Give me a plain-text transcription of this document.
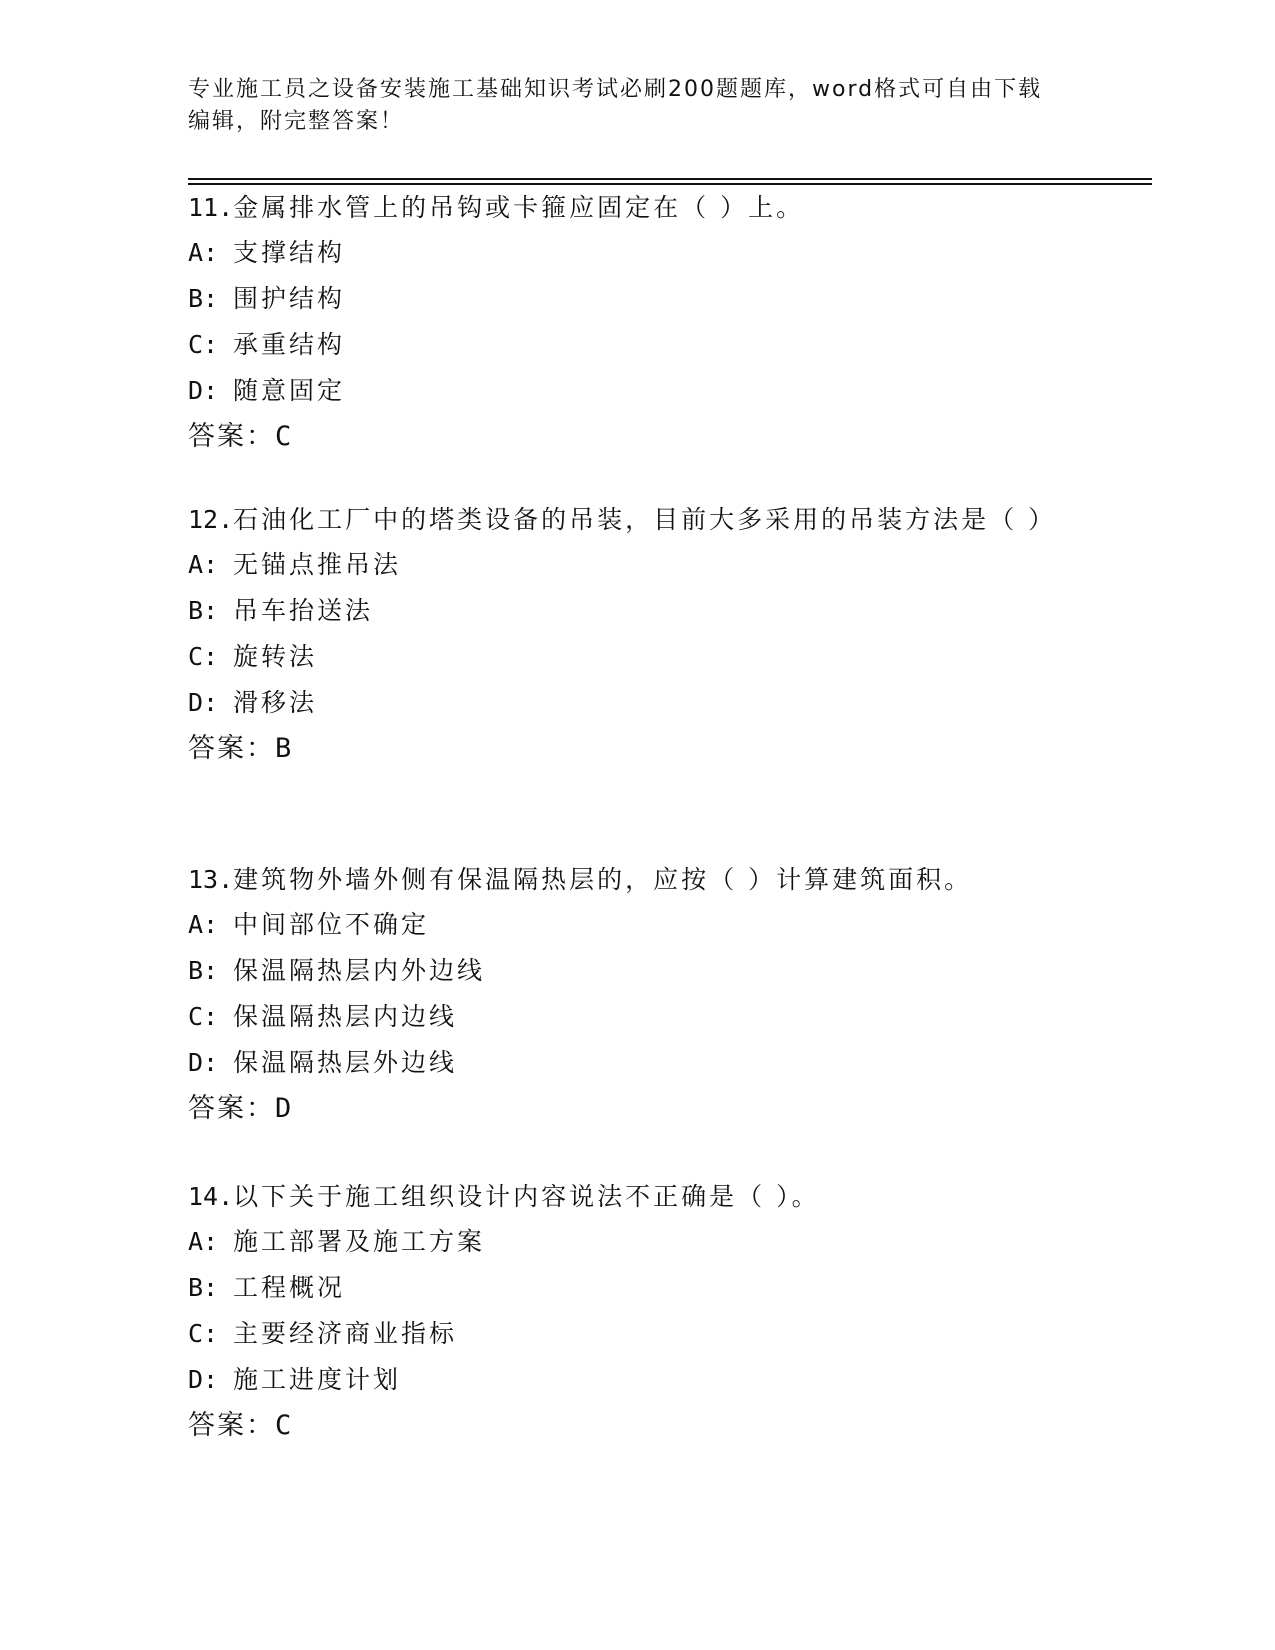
专业施工员之设备安装施工基础知识考试必刷200题题库，word格式可自由下载
编辑，附完整答案！

11.金属排水管上的吊钩或卡箍应固定在（ ）上。

A: 支撑结构
B: 围护结构
C: 承重结构
D: 随意固定
答案：C

12.石油化工厂中的塔类设备的吊装，目前大多采用的吊装方法是（ ）

A: 无锚点推吊法
B: 吊车抬送法
C: 旋转法
D: 滑移法
答案：B

13.建筑物外墙外侧有保温隔热层的，应按（ ）计算建筑面积。

A: 中间部位不确定
B: 保温隔热层内外边线
C: 保温隔热层内边线
D: 保温隔热层外边线
答案：D

14.以下关于施工组织设计内容说法不正确是（ ）。

A: 施工部署及施工方案
B: 工程概况
C: 主要经济商业指标
D: 施工进度计划
答案：C
